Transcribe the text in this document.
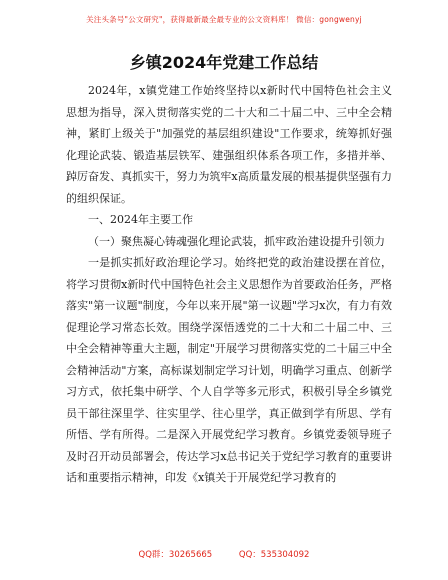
关注头条号"公文研究"，获得最新最全最专业的公文资料库！ 微信：gongwenyj
乡镇2024年党建工作总结

2024年，x镇党建工作始终坚持以x新时代中国特色社会主义思想为指导，深入贯彻落实党的二十大和二十届二中、三中全会精神，紧盯上级关于"加强党的基层组织建设"工作要求，统筹抓好强化理论武装、锻造基层铁军、建强组织体系各项工作，多措并举、踔厉奋发、真抓实干，努力为筑牢x高质量发展的根基提供坚强有力的组织保证。

一、2024年主要工作

（一）聚焦凝心铸魂强化理论武装，抓牢政治建设提升引领力

一是抓实抓好政治理论学习。始终把党的政治建设摆在首位，将学习贯彻x新时代中国特色社会主义思想作为首要政治任务，严格落实"第一议题"制度，今年以来开展"第一议题"学习x次，有力有效促理论学习常态长效。围绕学深悟透党的二十大和二十届二中、三中全会精神等重大主题，制定"开展学习贯彻落实党的二十届三中全会精神活动"方案，高标谋划制定学习计划，明确学习重点、创新学习方式，依托集中研学、个人自学等多元形式，积极引导全乡镇党员干部往深里学、往实里学、往心里学，真正做到学有所思、学有所悟、学有所得。二是深入开展党纪学习教育。乡镇党委领导班子及时召开动员部署会，传达学习x总书记关于党纪学习教育的重要讲话和重要指示精神，印发《x镇关于开展党纪学习教育的

QQ群：30265665	QQ：535304092
